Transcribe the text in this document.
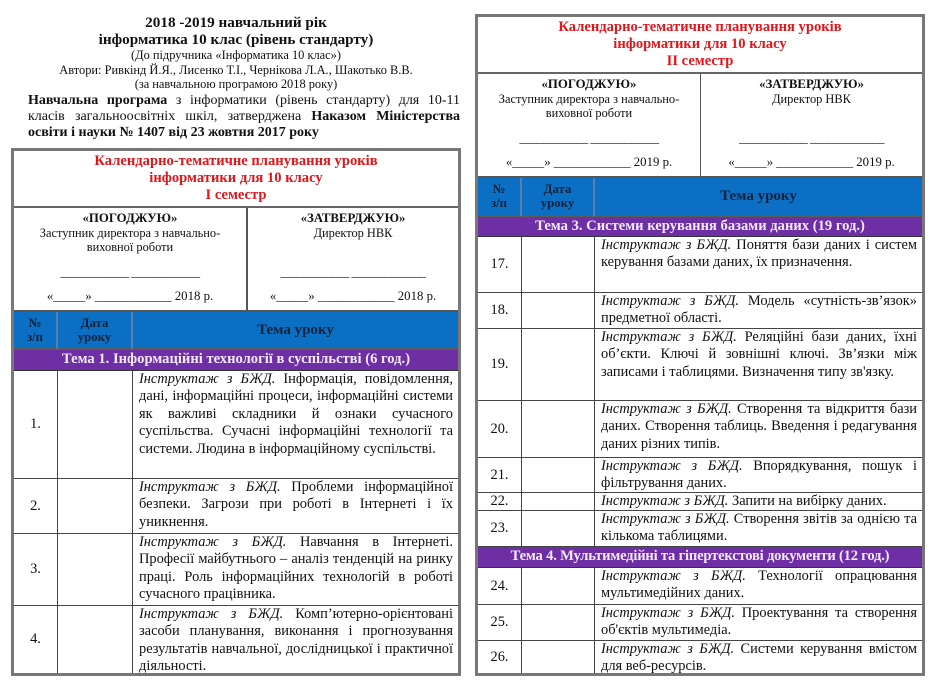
2018 -2019 навчальний рік
інформатика 10 клас (рівень стандарту)
(До підручника «Інформатика 10 клас»)
Автори: Ривкінд Й.Я., Лисенко Т.І., Чернікова Л.А., Шакотько В.В.
(за навчальною програмою 2018 року)
Навчальна програма з інформатики (рівень стандарту) для 10-11 класів загальноосвітніх шкіл, затверджена Наказом Міністерства освіти і науки № 1407 від 23 жовтня 2017 року
Календарно-тематичне планування уроків
інформатики для 10 класу
I семестр
«ПОГОДЖУЮ»
Заступник директора з навчально-
виховної роботи
____________ ____________
«_____» ____________ 2018 р.
«ЗАТВЕРДЖУЮ»
Директор НВК
____________ _____________
«_____» ____________ 2018 р.
№
з/п
Дата
уроку	Тема уроку
Тема 1. Інформаційні технології в суспільстві (6 год.)
1.
Інструктаж з БЖД. Інформація, повідомлення, дані, інформаційні процеси, інформаційні системи як важливі складники й ознаки сучасного суспільства. Сучасні інформаційні технології та системи. Людина в інформаційному суспільстві.
2.
Інструктаж з БЖД. Проблеми інформаційної безпеки. Загрози при роботі в Інтернеті і їх уникнення.
3.
Інструктаж з БЖД. Навчання в Інтернеті. Професії майбутнього – аналіз тенденцій на ринку праці. Роль інформаційних технологій в роботі сучасного працівника.
4.
Інструктаж з БЖД. Комп’ютерно-орієнтовані засоби планування, виконання і прогнозування результатів навчальної, дослідницької і практичної діяльності.
Календарно-тематичне планування уроків
інформатики для 10 класу
II семестр
«ПОГОДЖУЮ»
Заступник директора з навчально-
виховної роботи
____________ ____________
«_____» ____________ 2019 р.
«ЗАТВЕРДЖУЮ»
Директор НВК
____________ _____________
«_____» ____________ 2019 р.
№
з/п
Дата
уроку	Тема уроку
Тема 3. Системи керування базами даних (19 год.)
17.
Інструктаж з БЖД. Поняття бази даних і систем керування базами даних, їх призначення.
18.
Інструктаж з БЖД. Модель «сутність-зв’язок» предметної області.
19.
Інструктаж з БЖД. Реляційні бази даних, їхні об’єкти. Ключі й зовнішні ключі. Зв’язки між записами і таблицями. Визначення типу зв'язку.
20.
Інструктаж з БЖД. Створення та відкриття бази даних. Створення таблиць. Введення і редагування даних різних типів.
21.
Інструктаж з БЖД. Впорядкування, пошук і фільтрування даних.
22.	Інструктаж з БЖД. Запити на вибірку даних.
23.
Інструктаж з БЖД. Створення звітів за однією та кількома таблицями.
Тема 4. Мультимедійні та гіпертекстові документи (12 год.)
24.
Інструктаж з БЖД. Технології опрацювання мультимедійних даних.
25.
Інструктаж з БЖД. Проектування та створення об'єктів мультимедіа.
26.	Інструктаж з БЖД. Системи керування вмістом для веб-ресурсів.
